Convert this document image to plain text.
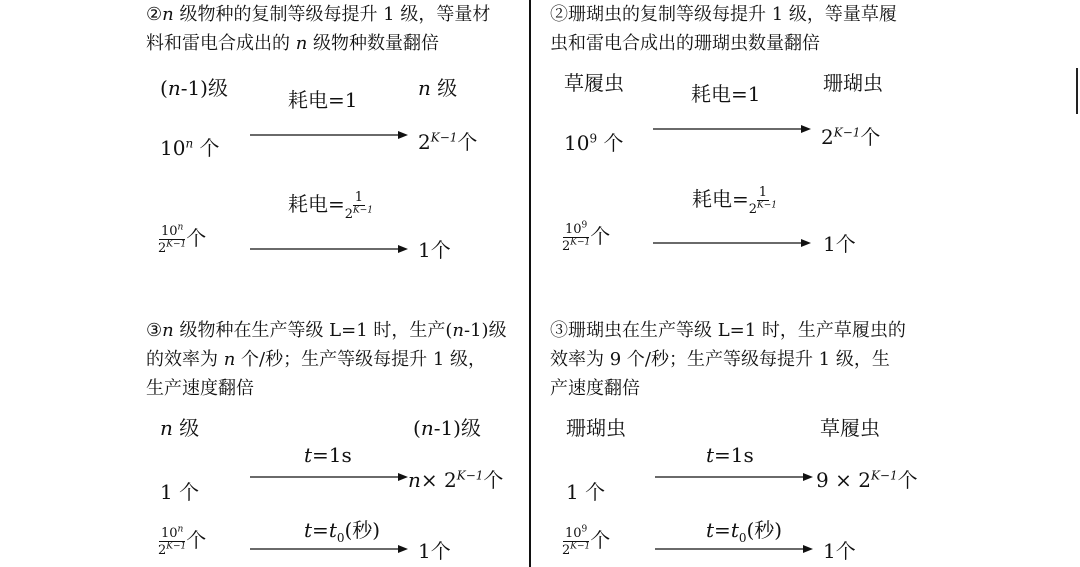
②n 级物种的复制等级每提升 1 级，等量材
料和雷电合成出的 n 级物种数量翻倍
(n-1)级	n 级
耗电=1
10$^n$ 个	$2^{K-1}$个
耗电= $\frac{1}{2^{K-1}}$
$\frac{10^n}{2^{K-1}}$ 个	1个
③n 级物种在生产等级 L=1 时，生产(n-1)级
的效率为 n 个/秒；生产等级每提升 1 级，
生产速度翻倍
n 级	(n-1)级
t=1s
1 个	$n\times 2^{K-1}$个
$t=t_0$(秒)
$\frac{10^n}{2^{K-1}}$ 个	1个
②珊瑚虫的复制等级每提升 1 级，等量草履
虫和雷电合成出的珊瑚虫数量翻倍
草履虫	珊瑚虫
耗电=1
$10^9$ 个	$2^{K-1}$个
耗电= $\frac{1}{2^{K-1}}$
$\frac{10^9}{2^{K-1}}$ 个	1个
③珊瑚虫在生产等级 L=1 时，生产草履虫的
效率为 9 个/秒；生产等级每提升 1 级，生
产速度翻倍
珊瑚虫	草履虫
t=1s
1 个	$9 \times 2^{K-1}$个
$t=t_0$(秒)
$\frac{10^9}{2^{K-1}}$ 个	1个
